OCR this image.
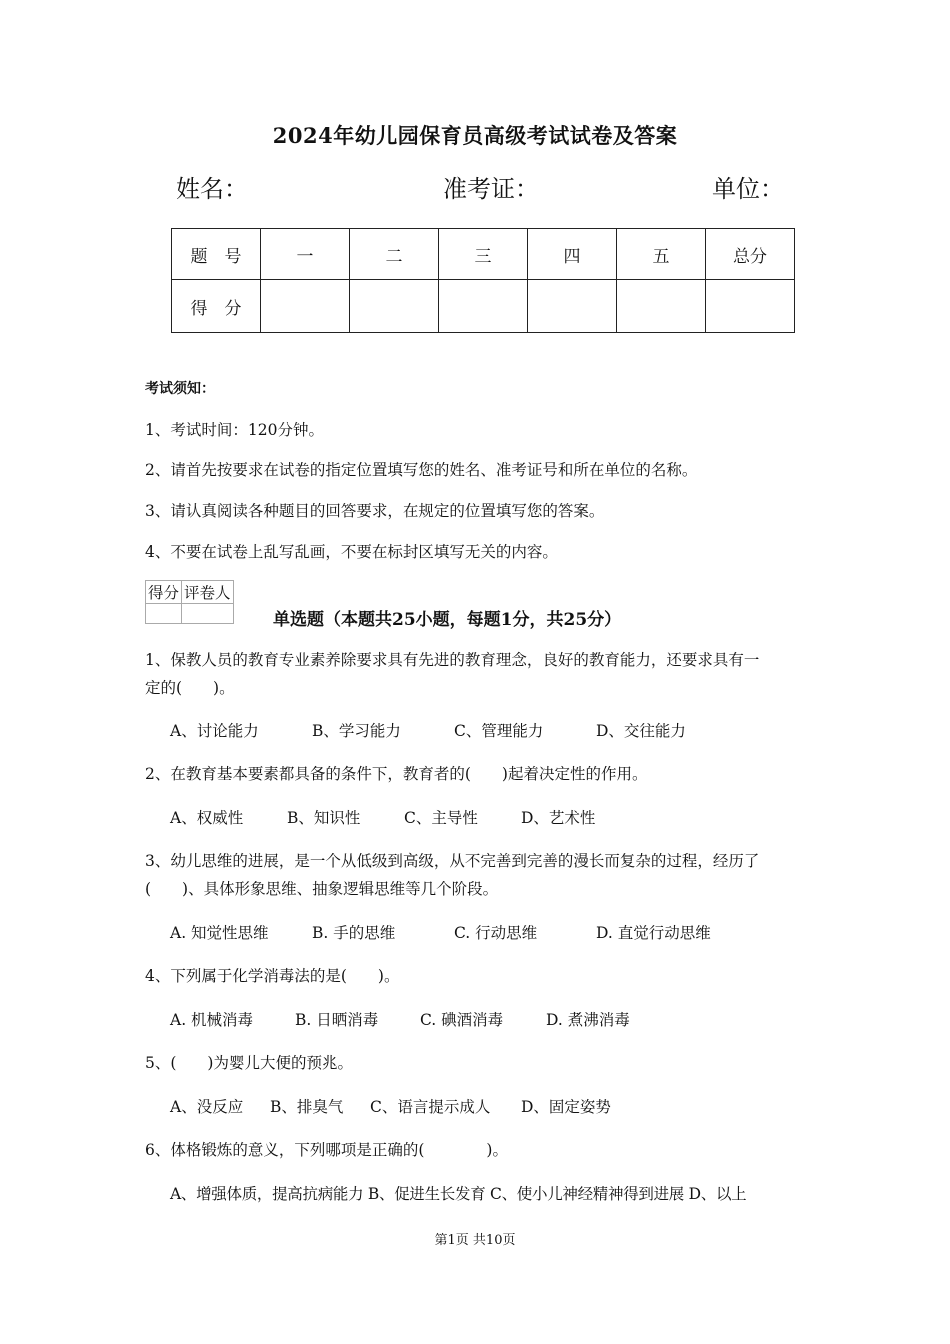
2024年幼儿园保育员高级考试试卷及答案
姓名：	准考证：	单位：
题　号	一	二	三	四	五	总分
得　分						
考试须知：
1、考试时间：120分钟。
2、请首先按要求在试卷的指定位置填写您的姓名、准考证号和所在单位的名称。
3、请认真阅读各种题目的回答要求，在规定的位置填写您的答案。
4、不要在试卷上乱写乱画，不要在标封区填写无关的内容。
得分	评卷人

单选题（本题共25小题，每题1分，共25分）
1、保教人员的教育专业素养除要求具有先进的教育理念，良好的教育能力，还要求具有一
定的(　　)。
A、讨论能力	B、学习能力	C、管理能力	D、交往能力
2、在教育基本要素都具备的条件下，教育者的(　　)起着决定性的作用。
A、权威性	B、知识性	C、主导性	D、艺术性
3、幼儿思维的进展，是一个从低级到高级，从不完善到完善的漫长而复杂的过程，经历了
(　　)、具体形象思维、抽象逻辑思维等几个阶段。
A. 知觉性思维	B. 手的思维	C. 行动思维	D. 直觉行动思维
4、下列属于化学消毒法的是(　　)。
A. 机械消毒	B. 日晒消毒	C. 碘酒消毒	D. 煮沸消毒
5、(　　)为婴儿大便的预兆。
A、没反应 B、排臭气 C、语言提示成人 D、固定姿势
6、体格锻炼的意义，下列哪项是正确的(　　　　)。
A、增强体质，提高抗病能力 B、促进生长发育 C、使小儿神经精神得到进展 D、以上
第1页 共10页
